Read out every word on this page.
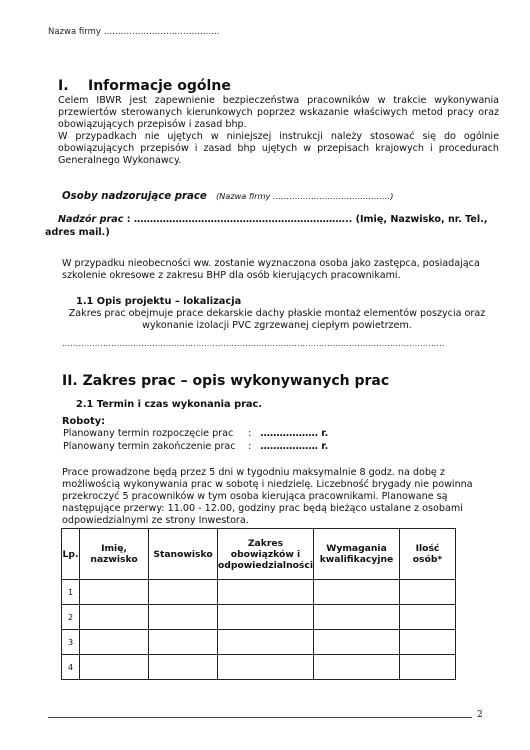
Nazwa firmy …………………………………..
I. Informacje ogólne

Celem IBWR jest zapewnienie bezpieczeństwa pracowników w trakcie wykonywania przewiertów sterowanych kierunkowych poprzez wskazanie właściwych metod pracy oraz obowiązujących przepisów i zasad bhp.

W przypadkach nie ujętych w niniejszej instrukcji należy stosować się do ogólnie obowiązujących przepisów i zasad bhp ujętych w przepisach krajowych i procedurach Generalnego Wykonawcy.

Osoby nadzorujące prace (Nazwa firmy …………………………………….)
Nadzór prac : ………………………………………………………….. (Imię, Nazwisko, nr. Tel., adres mail.)
W przypadku nieobecności ww. zostanie wyznaczona osoba jako zastępca, posiadająca szkolenie okresowe z zakresu BHP dla osób kierujących pracownikami.
1.1 Opis projektu – lokalizacja
Zakres prac obejmuje prace dekarskie dachy płaskie montaż elementów poszycia oraz wykonanie izolacji PVC zgrzewanej ciepłym powietrzem.
…………………………………………………………………………………………………………………………..
II. Zakres prac – opis wykonywanych prac
2.1 Termin i czas wykonania prac.
Roboty:
Planowany termin rozpoczęcie prac : ……………… r.
Planowany termin zakończenie prac : ……………… r.
Prace prowadzone będą przez 5 dni w tygodniu maksymalnie 8 godz. na dobę z możliwością wykonywania prac w sobotę i niedzielę. Liczebność brygady nie powinna przekroczyć 5 pracowników w tym osoba kierująca pracownikami. Planowane są następujące przerwy: 11.00 - 12.00, godziny prac będą bieżąco ustalane z osobami odpowiedzialnymi ze strony Inwestora.
Lp.	Imię, nazwisko	Stanowisko	Zakres obowiązków i odpowiedzialności	Wymagania kwalifikacyjne	Ilość osób*
1					
2					
3					
4					
2
